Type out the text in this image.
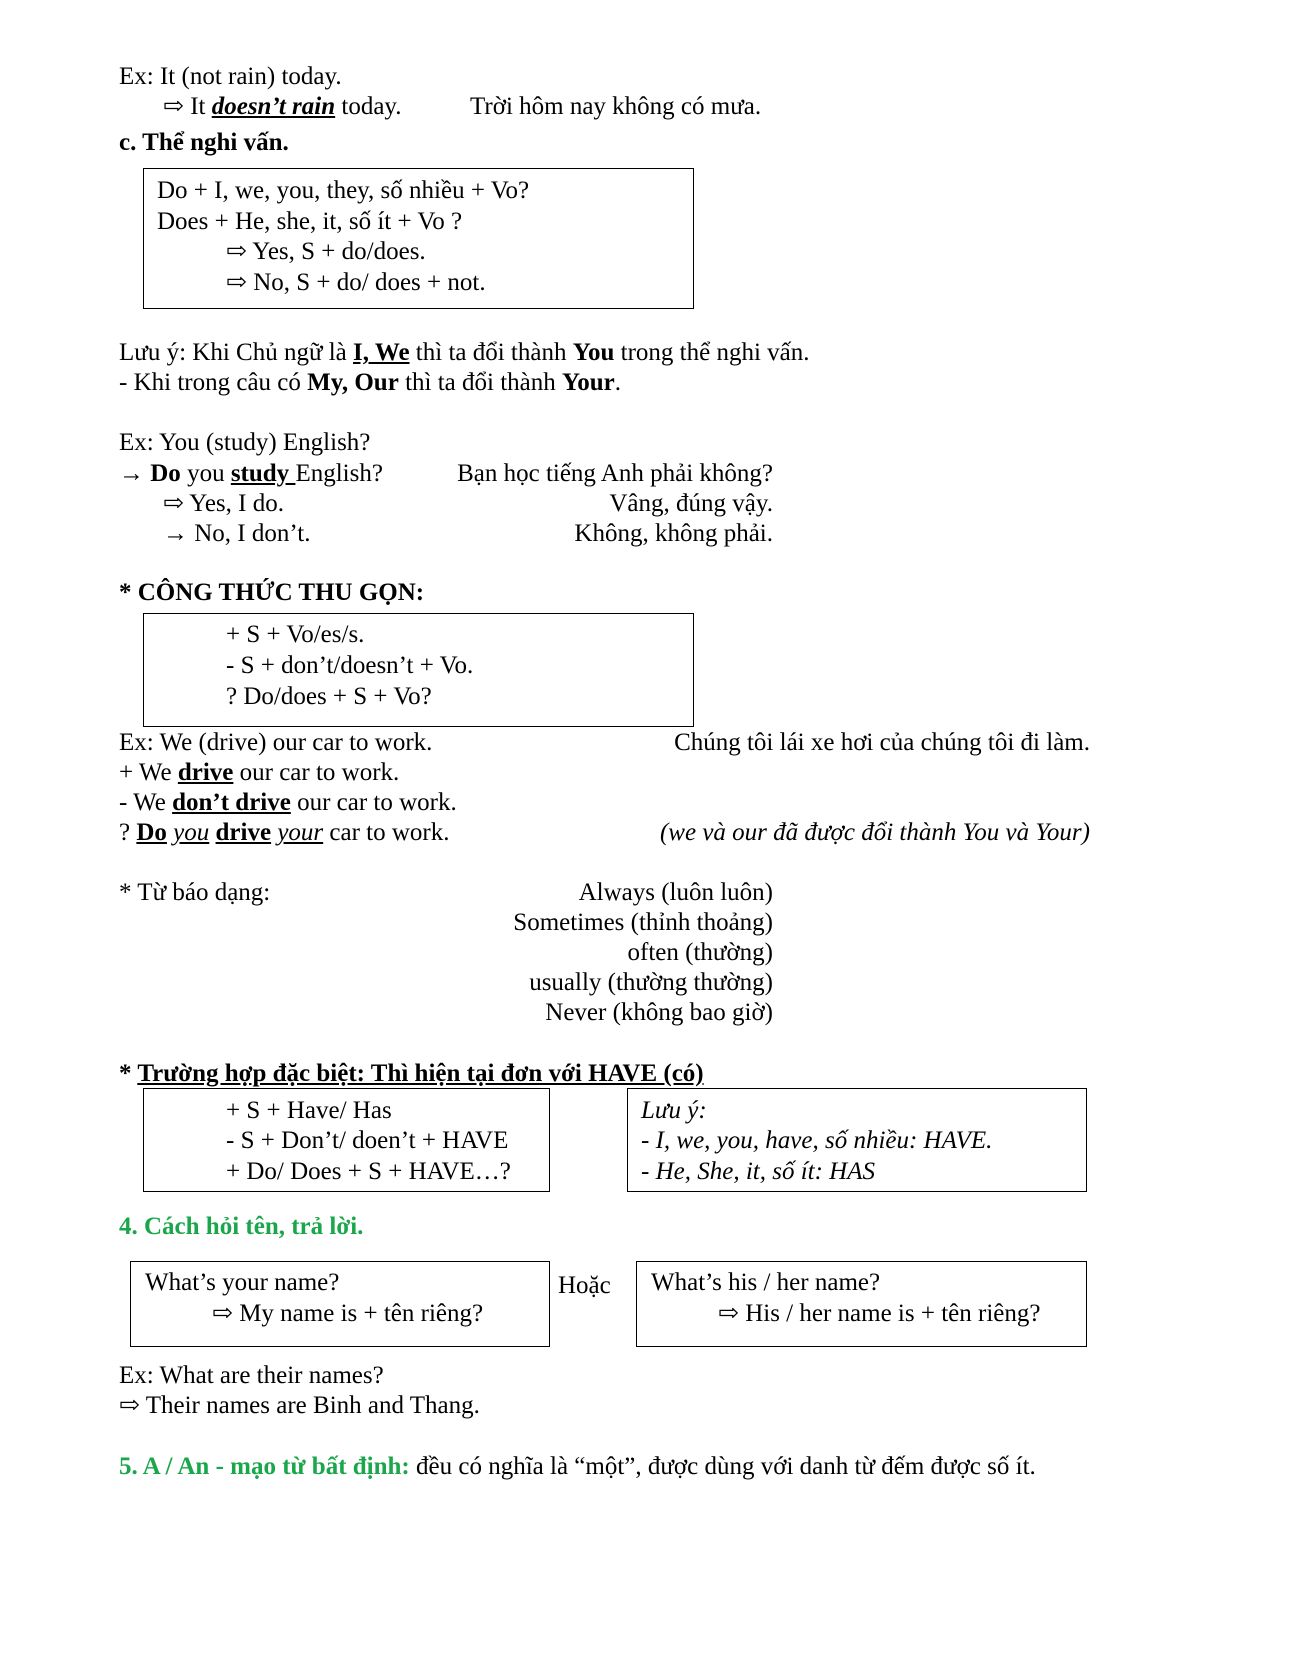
Ex: It (not rain) today.
⇨ It doesn’t rain today.	Trời hôm nay không có mưa.
c. Thể nghi vấn.
Do + I, we, you, they, số nhiều + Vo?
Does + He, she, it, số ít + Vo ?
⇨ Yes, S + do/does.
⇨ No, S + do/ does + not.
Lưu ý: Khi Chủ ngữ là I, We thì ta đổi thành You trong thể nghi vấn.
- Khi trong câu có My, Our thì ta đổi thành Your.
Ex: You (study) English?
→ Do you study English?	Bạn học tiếng Anh phải không?
⇨ Yes, I do.	Vâng, đúng vậy.
→ No, I don’t.	Không, không phải.
* CÔNG THỨC THU GỌN:
+ S + Vo/es/s.
- S + don’t/doesn’t + Vo.
? Do/does + S + Vo?
Ex: We (drive) our car to work.	Chúng tôi lái xe hơi của chúng tôi đi làm.
+ We drive our car to work.
- We don’t drive our car to work.
? Do you drive your car to work.	(we và our đã được đổi thành You và Your)
* Từ báo dạng:	Always (luôn luôn)
Sometimes (thỉnh thoảng)
often (thường)
usually (thường thường)
Never (không bao giờ)
* Trường hợp đặc biệt: Thì hiện tại đơn với HAVE (có)
+ S + Have/ Has
- S + Don’t/ doen’t + HAVE
+ Do/ Does + S + HAVE…?
Lưu ý:
- I, we, you, have, số nhiều: HAVE.
- He, She, it, số ít: HAS
4. Cách hỏi tên, trả lời.
What’s your name?
⇨ My name is + tên riêng?
Hoặc What’s his / her name?
⇨ His / her name is + tên riêng?
Ex: What are their names?
⇨ Their names are Binh and Thang.
5. A / An - mạo từ bất định: đều có nghĩa là “một”, được dùng với danh từ đếm được số ít.
